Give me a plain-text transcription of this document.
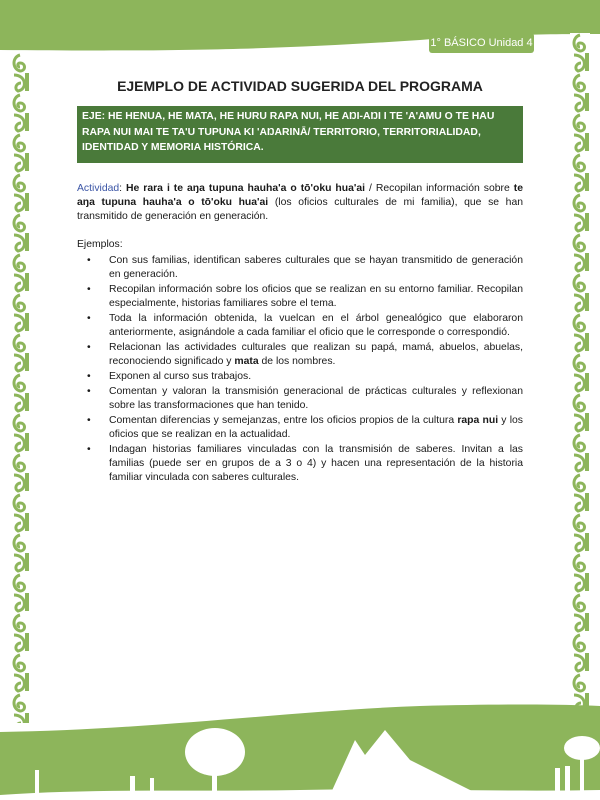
1° BÁSICO Unidad 4
EJEMPLO DE ACTIVIDAD SUGERIDA DEL PROGRAMA
EJE: HE HENUA, HE MATA, HE HURU RAPA NUI, HE AŊI-AŊI I TE 'A'AMU O TE HAU RAPA NUI MAI TE TA'U TUPUNA KI 'AŊARINĀ/ TERRITORIO, TERRITORIALIDAD, IDENTIDAD Y MEMORIA HISTÓRICA.

Actividad: He rara i te aŋa tupuna hauha'a o tō'oku hua'ai / Recopilan información sobre te aŋa tupuna hauha'a o tō'oku hua'ai (los oficios culturales de mi familia), que se han transmitido de generación en generación.

Ejemplos:

• Con sus familias, identifican saberes culturales que se hayan transmitido de generación en generación.
• Recopilan información sobre los oficios que se realizan en su entorno familiar. Recopilan especialmente, historias familiares sobre el tema.
• Toda la información obtenida, la vuelcan en el árbol genealógico que elaboraron anteriormente, asignándole a cada familiar el oficio que le corresponde o correspondió.
• Relacionan las actividades culturales que realizan su papá, mamá, abuelos, abuelas, reconociendo significado y mata de los nombres.
• Exponen al curso sus trabajos.
• Comentan y valoran la transmisión generacional de prácticas culturales y reflexionan sobre las transformaciones que han tenido.
• Comentan diferencias y semejanzas, entre los oficios propios de la cultura rapa nui y los oficios que se realizan en la actualidad.
• Indagan historias familiares vinculadas con la transmisión de saberes. Invitan a las familias (puede ser en grupos de a 3 o 4) y hacen una representación de la historia familiar vinculada con saberes culturales.
